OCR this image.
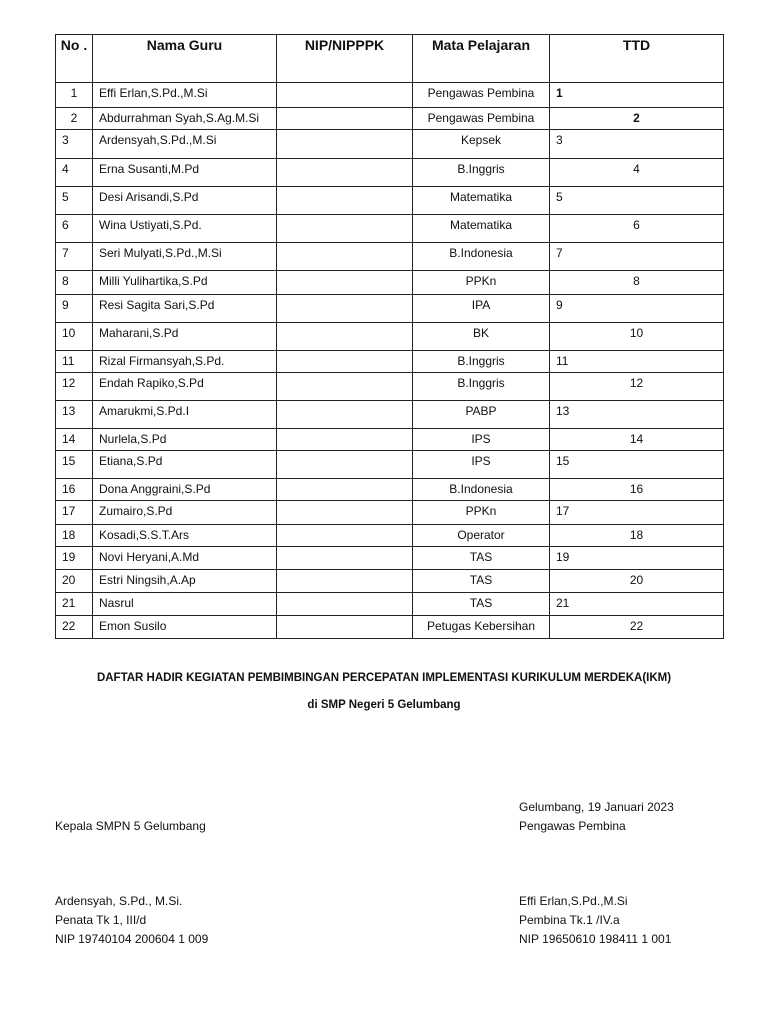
No .	Nama Guru	NIP/NIPPPK	Mata Pelajaran	TTD
1	Effi Erlan,S.Pd.,M.Si		Pengawas Pembina	1
2	Abdurrahman Syah,S.Ag.M.Si		Pengawas Pembina	2
3	Ardensyah,S.Pd.,M.Si		Kepsek	3
4	Erna Susanti,M.Pd		B.Inggris	4
5	Desi Arisandi,S.Pd		Matematika	5
6	Wina Ustiyati,S.Pd.		Matematika	6
7	Seri Mulyati,S.Pd.,M.Si		B.Indonesia	7
8	Milli Yulihartika,S.Pd		PPKn	8
9	Resi Sagita Sari,S.Pd		IPA	9
10	Maharani,S.Pd		BK	10
11	Rizal Firmansyah,S.Pd.		B.Inggris	11
12	Endah Rapiko,S.Pd		B.Inggris	12
13	Amarukmi,S.Pd.I		PABP	13
14	Nurlela,S.Pd		IPS	14
15	Etiana,S.Pd		IPS	15
16	Dona Anggraini,S.Pd		B.Indonesia	16
17	Zumairo,S.Pd		PPKn	17
18	Kosadi,S.S.T.Ars		Operator	18
19	Novi Heryani,A.Md		TAS	19
20	Estri Ningsih,A.Ap		TAS	20
21	Nasrul		TAS	21
22	Emon Susilo		Petugas Kebersihan	22
DAFTAR HADIR KEGIATAN PEMBIMBINGAN PERCEPATAN IMPLEMENTASI KURIKULUM MERDEKA(IKM)
di SMP Negeri 5 Gelumbang
Gelumbang, 19 Januari 2023
Kepala SMPN 5 Gelumbang	Pengawas Pembina
Ardensyah, S.Pd., M.Si.
Penata Tk 1, III/d
NIP 19740104 200604 1 009
Effi Erlan,S.Pd.,M.Si
Pembina Tk.1 /IV.a
NIP 19650610 198411 1 001
